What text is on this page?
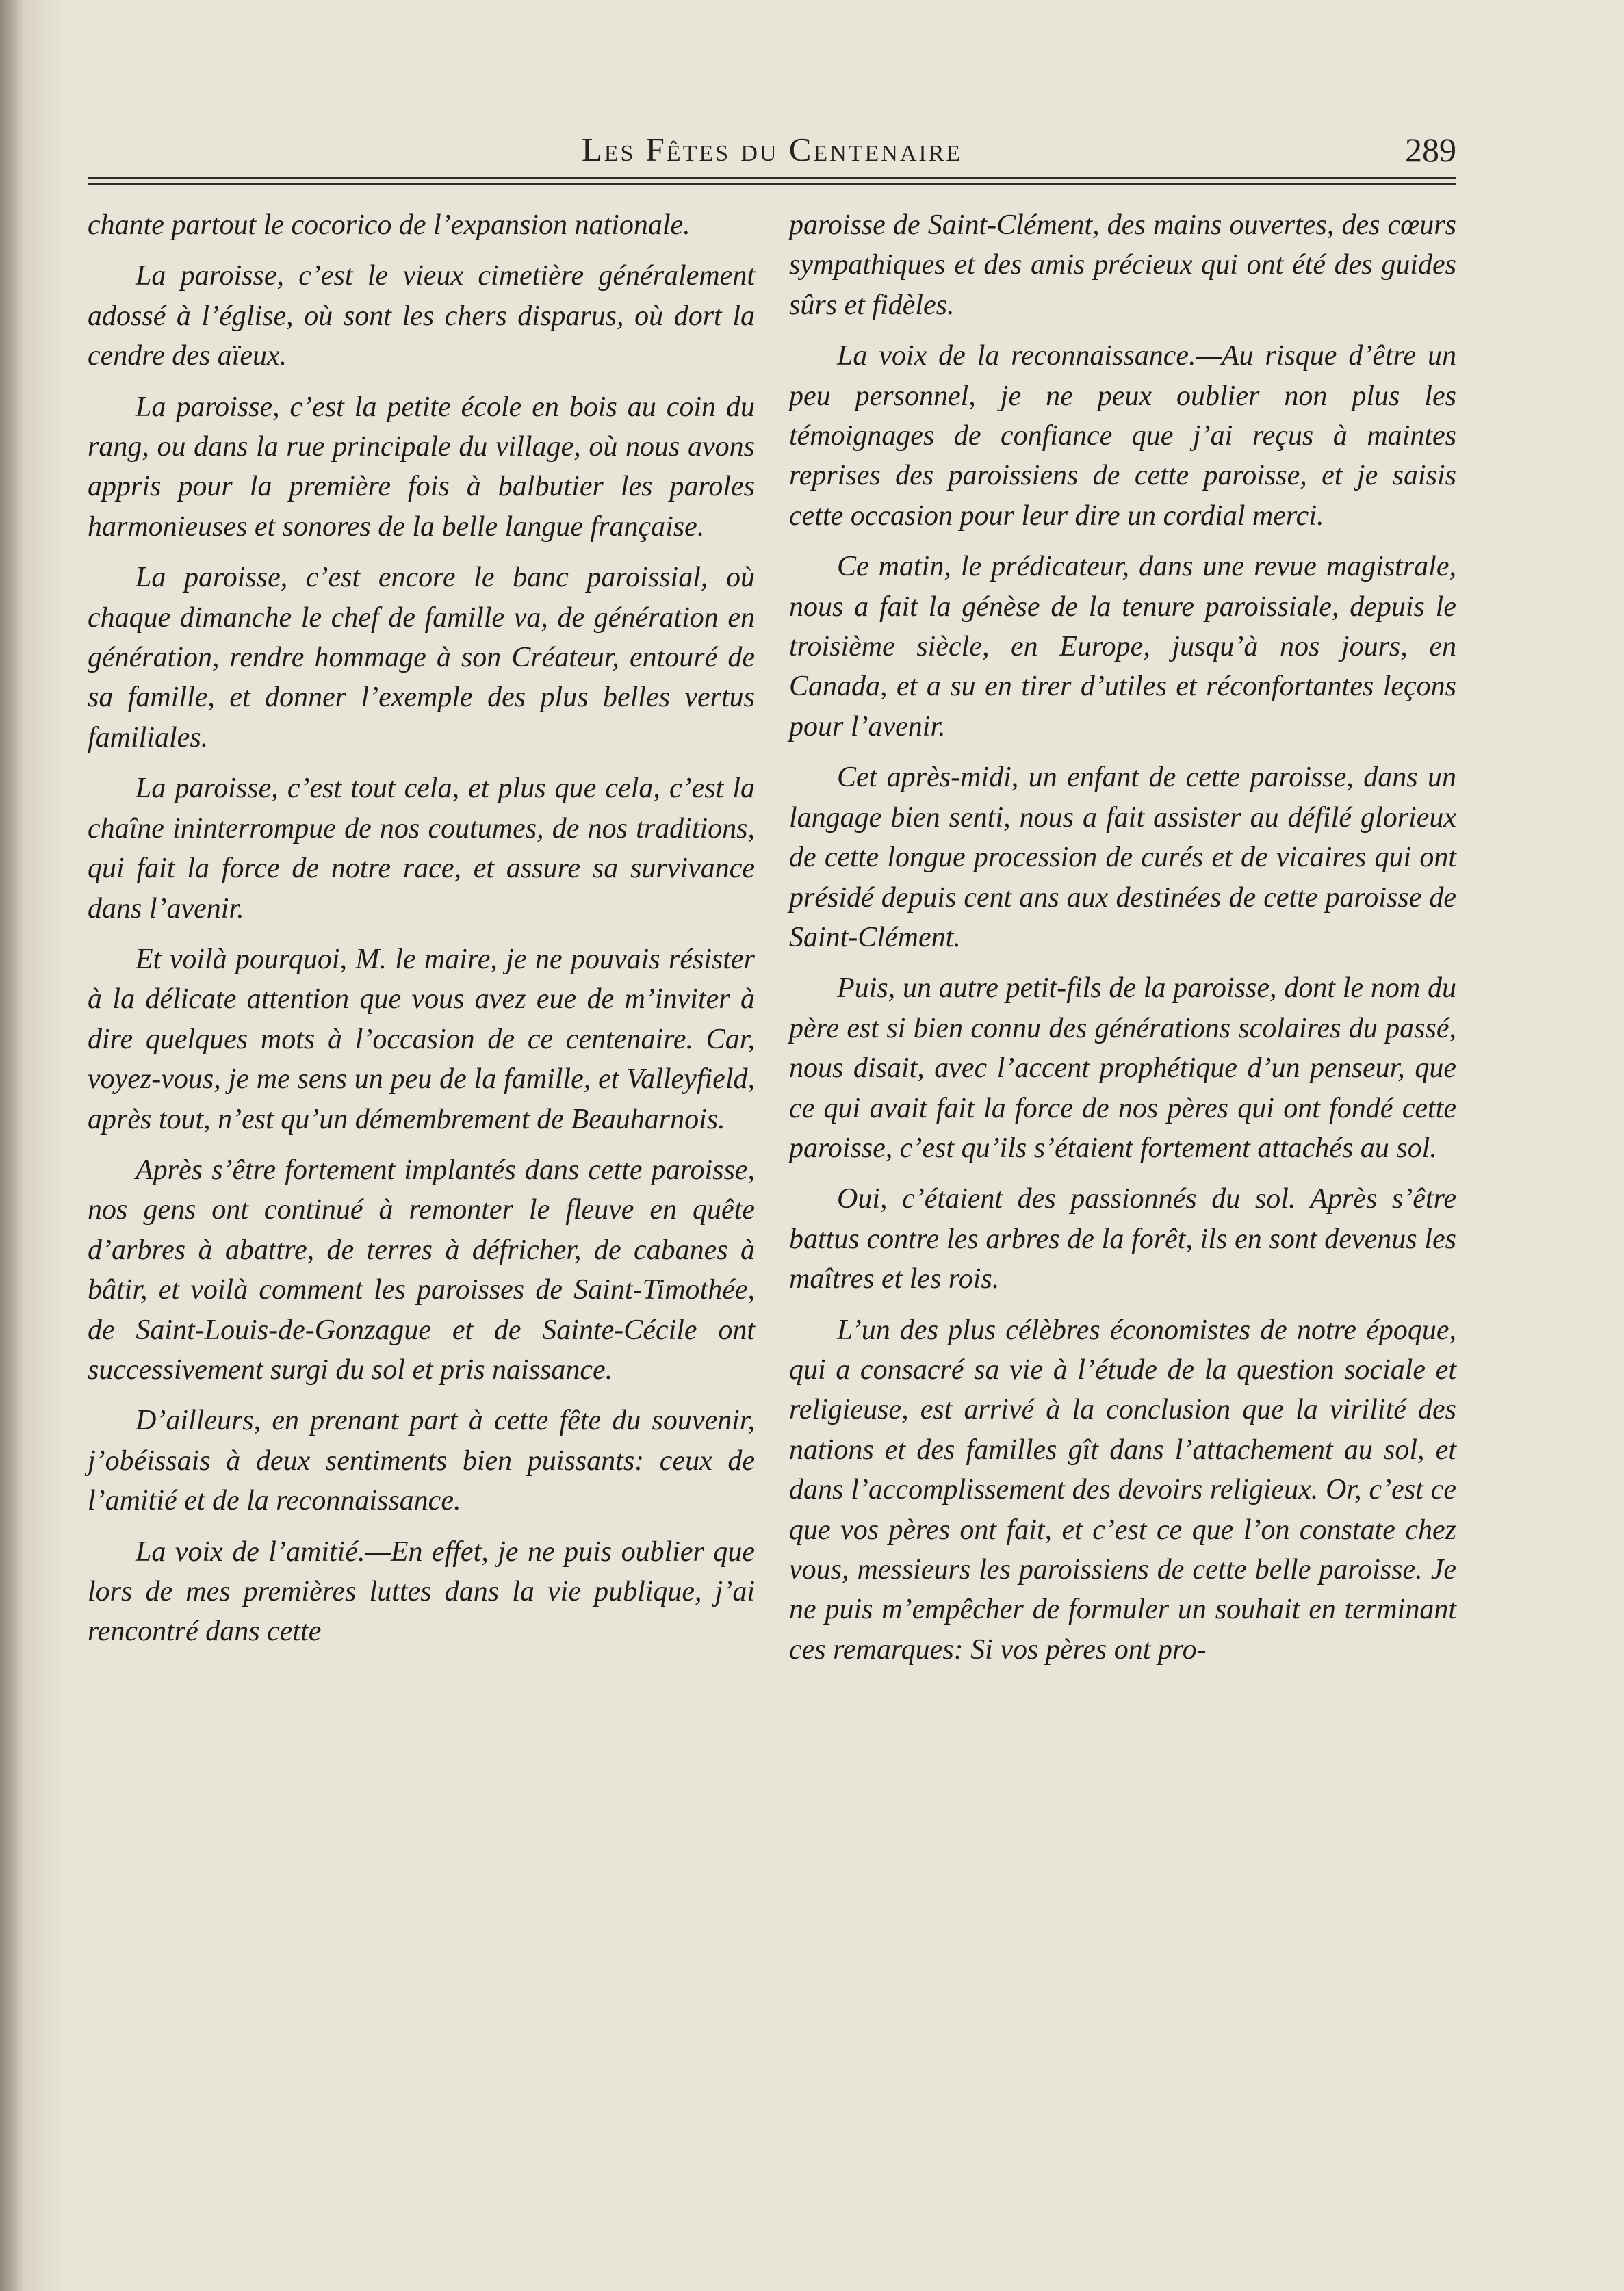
Les Fêtes du Centenaire	289

chante partout le cocorico de l’expansion nationale.

La paroisse, c’est le vieux cimetière généralement adossé à l’église, où sont les chers disparus, où dort la cendre des aïeux.

La paroisse, c’est la petite école en bois au coin du rang, ou dans la rue principale du village, où nous avons appris pour la première fois à balbutier les paroles harmonieuses et sonores de la belle langue française.

La paroisse, c’est encore le banc paroissial, où chaque dimanche le chef de famille va, de génération en génération, rendre hommage à son Créateur, entouré de sa famille, et donner l’exemple des plus belles vertus familiales.

La paroisse, c’est tout cela, et plus que cela, c’est la chaîne ininterrompue de nos coutumes, de nos traditions, qui fait la force de notre race, et assure sa survivance dans l’avenir.

Et voilà pourquoi, M. le maire, je ne pouvais résister à la délicate attention que vous avez eue de m’inviter à dire quelques mots à l’occasion de ce centenaire. Car, voyez-vous, je me sens un peu de la famille, et Valleyfield, après tout, n’est qu’un démembrement de Beauharnois.

Après s’être fortement implantés dans cette paroisse, nos gens ont continué à remonter le fleuve en quête d’arbres à abattre, de terres à défricher, de cabanes à bâtir, et voilà comment les paroisses de Saint-Timothée, de Saint-Louis-de-Gonzague et de Sainte-Cécile ont successivement surgi du sol et pris naissance.

D’ailleurs, en prenant part à cette fête du souvenir, j’obéissais à deux sentiments bien puissants: ceux de l’amitié et de la reconnaissance.

La voix de l’amitié.—En effet, je ne puis oublier que lors de mes premières luttes dans la vie publique, j’ai rencontré dans cette

paroisse de Saint-Clément, des mains ouvertes, des cœurs sympathiques et des amis précieux qui ont été des guides sûrs et fidèles.

La voix de la reconnaissance.—Au risque d’être un peu personnel, je ne peux oublier non plus les témoignages de confiance que j’ai reçus à maintes reprises des paroissiens de cette paroisse, et je saisis cette occasion pour leur dire un cordial merci.

Ce matin, le prédicateur, dans une revue magistrale, nous a fait la génèse de la tenure paroissiale, depuis le troisième siècle, en Europe, jusqu’à nos jours, en Canada, et a su en tirer d’utiles et réconfortantes leçons pour l’avenir.

Cet après-midi, un enfant de cette paroisse, dans un langage bien senti, nous a fait assister au défilé glorieux de cette longue procession de curés et de vicaires qui ont présidé depuis cent ans aux destinées de cette paroisse de Saint-Clément.

Puis, un autre petit-fils de la paroisse, dont le nom du père est si bien connu des générations scolaires du passé, nous disait, avec l’accent prophétique d’un penseur, que ce qui avait fait la force de nos pères qui ont fondé cette paroisse, c’est qu’ils s’étaient fortement attachés au sol.

Oui, c’étaient des passionnés du sol. Après s’être battus contre les arbres de la forêt, ils en sont devenus les maîtres et les rois.

L’un des plus célèbres économistes de notre époque, qui a consacré sa vie à l’étude de la question sociale et religieuse, est arrivé à la conclusion que la virilité des nations et des familles gît dans l’attachement au sol, et dans l’accomplissement des devoirs religieux. Or, c’est ce que vos pères ont fait, et c’est ce que l’on constate chez vous, messieurs les paroissiens de cette belle paroisse. Je ne puis m’empêcher de formuler un souhait en terminant ces remarques: Si vos pères ont pro-
